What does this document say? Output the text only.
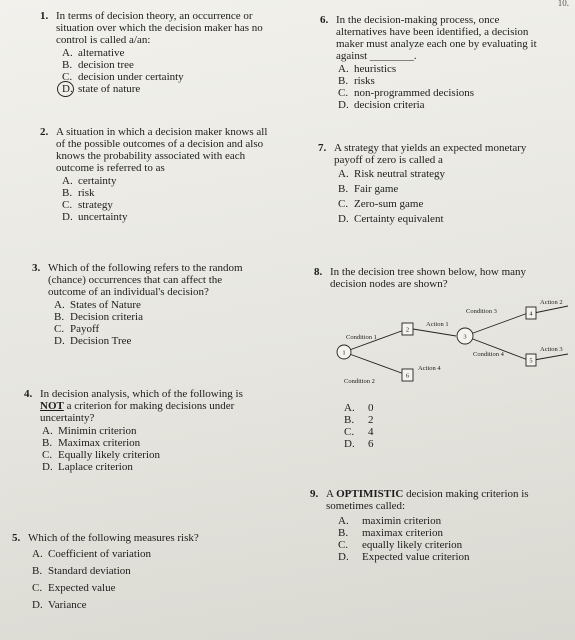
10.
1. In terms of decision theory, an occurrence or
situation over which the decision maker has no
control is called a/an:
A. alternative
B. decision tree
C. decision under certainty
D. state of nature
2. A situation in which a decision maker knows all
of the possible outcomes of a decision and also
knows the probability associated with each
outcome is referred to as
A. certainty
B. risk
C. strategy
D. uncertainty
3. Which of the following refers to the random
(chance) occurrences that can affect the
outcome of an individual's decision?
A. States of Nature
B. Decision criteria
C. Payoff
D. Decision Tree
4. In decision analysis, which of the following is
NOT a criterion for making decisions under
uncertainty?
A. Minimin criterion
B. Maximax criterion
C. Equally likely criterion
D. Laplace criterion
5. Which of the following measures risk?
A. Coefficient of variation
B. Standard deviation
C. Expected value
D. Variance
6. In the decision-making process, once
alternatives have been identified, a decision
maker must analyze each one by evaluating it
against ________.
A. heuristics
B. risks
C. non-programmed decisions
D. decision criteria
7. A strategy that yields an expected monetary
payoff of zero is called a
A. Risk neutral strategy
B. Fair game
C. Zero-sum game
D. Certainty equivalent
8. In the decision tree shown below, how many
decision nodes are shown?
1
2
3
4
5
6
Condition 1
Condition 2
Condition 3
Condition 4
Action 1
Action 2
Action 3
Action 4
A.	0
B.	2
C.	4
D.	6
9. A OPTIMISTIC decision making criterion is
sometimes called:
A.	maximin criterion
B.	maximax criterion
C.	equally likely criterion
D.	Expected value criterion
